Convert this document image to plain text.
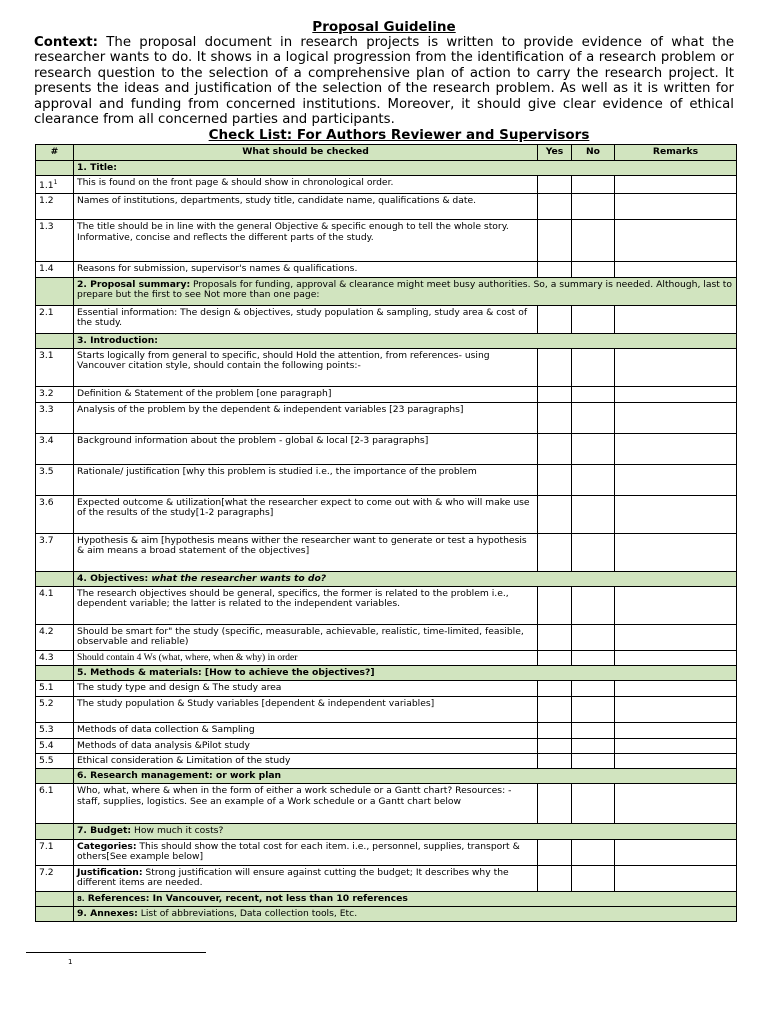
Proposal Guideline
Context: The proposal document in research projects is written to provide evidence of what the researcher wants to do. It shows in a logical progression from the identification of a research problem or research question to the selection of a comprehensive plan of action to carry the research project. It presents the ideas and justification of the selection of the research problem. As well as it is written for approval and funding from concerned institutions. Moreover, it should give clear evidence of ethical clearance from all concerned parties and participants.
Check List: For Authors Reviewer and Supervisors
#	What should be checked	Yes	No	Remarks
	1. Title:			
$1.1^1$	This is found on the front page & should show in chronological order.			
1.2	Names of institutions, departments, study title, candidate name, qualifications & date.			
1.3	The title should be in line with the general Objective & specific enough to tell the whole story. Informative, concise and reflects the different parts of the study.			
1.4	Reasons for submission, supervisor's names & qualifications.			
	2. Proposal summary: Proposals for funding, approval & clearance might meet busy authorities. So, a summary is needed. Although, last to prepare but the first to see Not more than one page:			
2.1	Essential information: The design & objectives, study population & sampling, study area & cost of the study.			
	3. Introduction:			
3.1	Starts logically from general to specific, should Hold the attention, from references- using Vancouver citation style, should contain the following points:-			
3.2	Definition & Statement of the problem [one paragraph]			
3.3	Analysis of the problem by the dependent & independent variables [23 paragraphs]			
3.4	Background information about the problem - global & local [2-3 paragraphs]			
3.5	Rationale/ justification [why this problem is studied i.e., the importance of the problem			
3.6	Expected outcome & utilization[what the researcher expect to come out with & who will make use of the results of the study[1-2 paragraphs]			
3.7	Hypothesis & aim [hypothesis means wither the researcher want to generate or test a hypothesis & aim means a broad statement of the objectives]			
	4. Objectives: what the researcher wants to do?			
4.1	The research objectives should be general, specifics, the former is related to the problem i.e., dependent variable; the latter is related to the independent variables.			
4.2	Should be smart for" the study (specific, measurable, achievable, realistic, time-limited, feasible, observable and reliable)			
4.3	Should contain 4 Ws (what, where, when & why) in order			
	5. Methods & materials: [How to achieve the objectives?]			
5.1	The study type and design & The study area			
5.2	The study population & Study variables [dependent & independent variables]			
5.3	Methods of data collection & Sampling			
5.4	Methods of data analysis &Pilot study			
5.5	Ethical consideration & Limitation of the study			
	6. Research management: or work plan			
6.1	Who, what, where & when in the form of either a work schedule or a Gantt chart? Resources: - staff, supplies, logistics. See an example of a Work schedule or a Gantt chart below			
	7. Budget: How much it costs?			
7.1	Categories: This should show the total cost for each item. i.e., personnel, supplies, transport & others[See example below]			
7.2	Justification: Strong justification will ensure against cutting the budget; It describes why the different items are needed.			
	8. References: In Vancouver, recent, not less than 10 references			
	9. Annexes: List of abbreviations, Data collection tools, Etc.			
1
